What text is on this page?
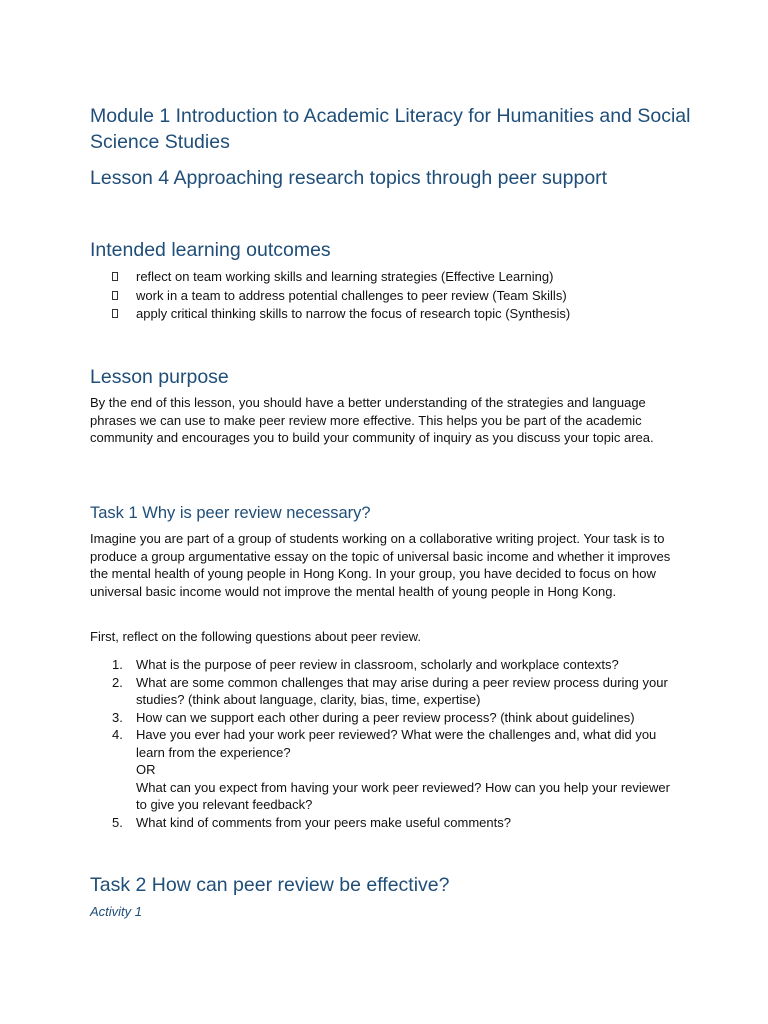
Module 1 Introduction to Academic Literacy for Humanities and Social Science Studies
Lesson 4 Approaching research topics through peer support
Intended learning outcomes
reflect on team working skills and learning strategies (Effective Learning)
work in a team to address potential challenges to peer review (Team Skills)
apply critical thinking skills to narrow the focus of research topic (Synthesis)
Lesson purpose

By the end of this lesson, you should have a better understanding of the strategies and language phrases we can use to make peer review more effective. This helps you be part of the academic community and encourages you to build your community of inquiry as you discuss your topic area.

Task 1 Why is peer review necessary?

Imagine you are part of a group of students working on a collaborative writing project. Your task is to produce a group argumentative essay on the topic of universal basic income and whether it improves the mental health of young people in Hong Kong. In your group, you have decided to focus on how universal basic income would not improve the mental health of young people in Hong Kong.

First, reflect on the following questions about peer review.

1. What is the purpose of peer review in classroom, scholarly and workplace contexts?
2. What are some common challenges that may arise during a peer review process during your studies? (think about language, clarity, bias, time, expertise)
3. How can we support each other during a peer review process? (think about guidelines)
4. Have you ever had your work peer reviewed? What were the challenges and, what did you learn from the experience?
OR
What can you expect from having your work peer reviewed? How can you help your reviewer to give you relevant feedback?
5. What kind of comments from your peers make useful comments?
Task 2 How can peer review be effective?

Activity 1
